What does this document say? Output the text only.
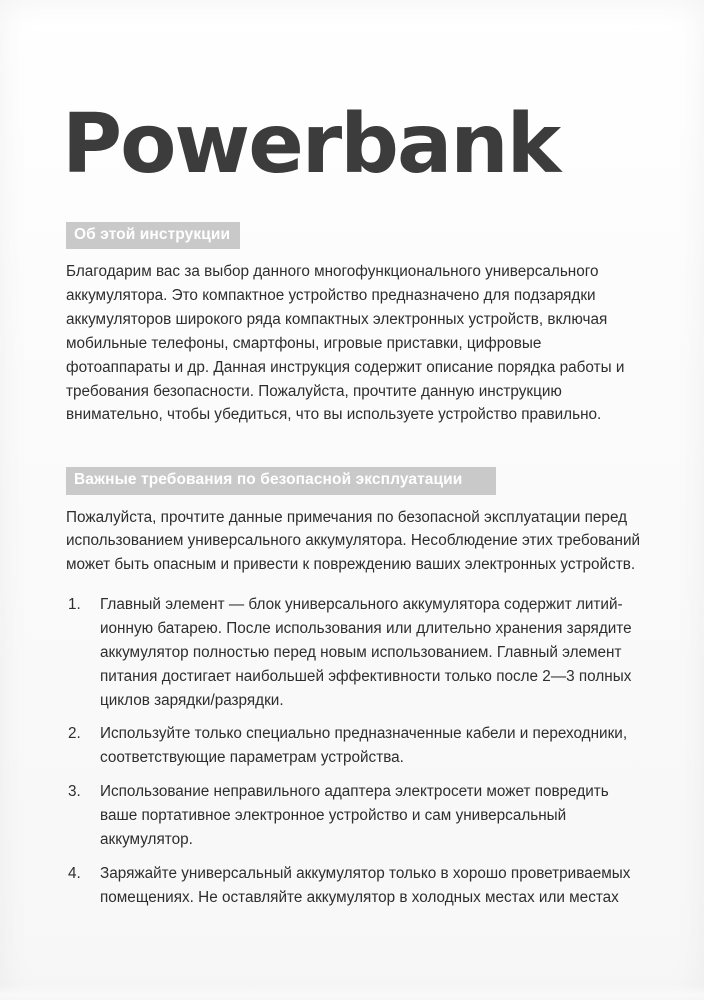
Powerbank
Об этой инструкции

Благодарим вас за выбор данного многофункционального универсального аккумулятора. Это компактное устройство предназначено для подзарядки аккумуляторов широкого ряда компактных электронных устройств, включая мобильные телефоны, смартфоны, игровые приставки, цифровые фотоаппараты и др. Данная инструкция содержит описание порядка работы и требования безопасности. Пожалуйста, прочтите данную инструкцию внимательно, чтобы убедиться, что вы используете устройство правильно.

Важные требования по безопасной эксплуатации

Пожалуйста, прочтите данные примечания по безопасной эксплуатации перед использованием универсального аккумулятора. Несоблюдение этих требований может быть опасным и привести к повреждению ваших электронных устройств.

Главный элемент — блок универсального аккумулятора содержит литий-ионную батарею. После использования или длительно хранения зарядите аккумулятор полностью перед новым использованием. Главный элемент питания достигает наибольшей эффективности только после 2—3 полных циклов зарядки/разрядки.
Используйте только специально предназначенные кабели и переходники, соответствующие параметрам устройства.
Использование неправильного адаптера электросети может повредить ваше портативное электронное устройство и сам универсальный аккумулятор.
Заряжайте универсальный аккумулятор только в хорошо проветриваемых помещениях. Не оставляйте аккумулятор в холодных местах или местах
